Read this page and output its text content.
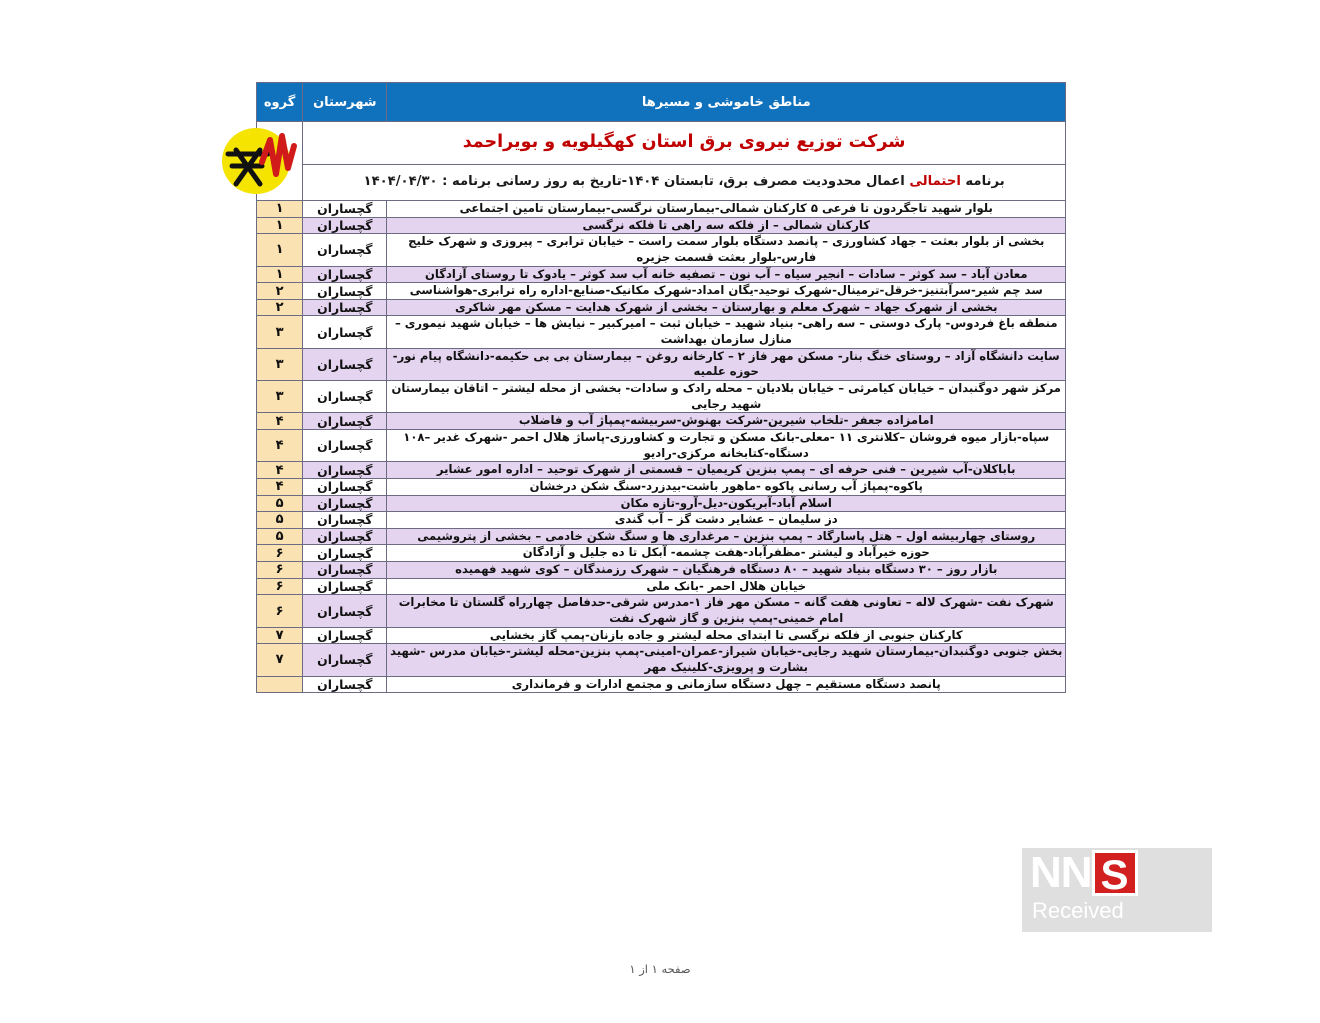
شرکت توزیع نیروی برق استان کهگیلویه و بویراحمد

برنامه احتمالی اعمال محدودیت مصرف برق، تابستان ۱۴۰۴-تاریخ به روز رسانی برنامه : ۱۴۰۴/۰۴/۳۰		

مناطق خاموشی و مسیرها	شهرستان	گروه
بلوار شهید تاجگردون تا فرعی ۵ کارکنان شمالی-بیمارستان نرگسی-بیمارستان تامین اجتماعی	گچساران	۱
کارکنان شمالی – از فلکه سه راهی تا فلکه نرگسی	گچساران	۱
بخشی از بلوار بعثت – جهاد کشاورزی – پانصد دستگاه بلوار سمت راست – خیابان ترابری – پیروزی و شهرک خلیج فارس-بلوار بعثت قسمت جزیره	گچساران	۱
معادن آباد – سد کوثر – سادات – انجیر سیاه – آب نون – تصفیه خانه آب سد کوثر – یادوک تا روستای آزادگان	گچساران	۱
سد چم شیر-سرآبتنیز-خرقل-ترمینال-شهرک توحید-یگان امداد-شهرک مکانیک-صنایع-اداره راه ترابری-هواشناسی	گچساران	۲
بخشی از شهرک جهاد – شهرک معلم و بهارستان – بخشی از شهرک هدایت – مسکن مهر شاکری	گچساران	۲
منطقه باغ فردوس- پارک دوستی – سه راهی- بنیاد شهید – خیابان ثبت – امیرکبیر – نیایش ها – خیابان شهید نیموری – منازل سازمان بهداشت	گچساران	۳
سایت دانشگاه آزاد – روستای خنگ بنار- مسکن مهر فاز ۲ – کارخانه روغن – بیمارستان بی بی حکیمه-دانشگاه پیام نور-حوزه علمیه	گچساران	۳
مرکز شهر دوگنبدان – خیابان کیامرثی – خیابان بلادیان – محله رادک و سادات- بخشی از محله لیشتر – اتاقان بیمارستان شهید رجایی	گچساران	۳
امامزاده جعفر -تلخاب شیرین-شرکت بهنوش-سربیشه-پمپاژ آب و فاضلاب	گچساران	۴
سپاه-بازار میوه فروشان –کلانتری ۱۱ -معلی-بانک مسکن و تجارت و کشاورزی-پاساژ هلال احمر -شهرک غدیر –۱۰۸ دستگاه-کتابخانه مرکزی-رادیو	گچساران	۴
باباکلان-آب شیرین – فنی حرفه ای – پمپ بنزین کریمیان – قسمتی از شهرک توحید – اداره امور عشایر	گچساران	۴
پاکوه-پمپاژ آب رسانی پاکوه -ماهور باشت-بیدزرد-سنگ شکن درخشان	گچساران	۴
اسلام آباد-آبریکون-دیل-آرو-تازه مکان	گچساران	۵
دز سلیمان – عشایر دشت گز – آب گندی	گچساران	۵
روستای چهاربیشه اول – هتل پاسارگاد – پمپ بنزین – مرغداری ها و سنگ شکن خادمی – بخشی از پتروشیمی	گچساران	۵
حوزه خیرآباد و لیشتر -مظفرآباد-هفت چشمه- آبکل تا ده جلیل و آزادگان	گچساران	۶
بازار روز – ۳۰ دستگاه بنیاد شهید – ۸۰ دستگاه فرهنگیان – شهرک رزمندگان – کوی شهید فهمیده	گچساران	۶
خیابان هلال احمر -بانک ملی	گچساران	۶
شهرک نفت -شهرک لاله – تعاونی هفت گانه – مسکن مهر فاز ۱-مدرس شرقی-حدفاصل چهارراه گلستان تا مخابرات امام خمینی-پمپ بنزین و گاز شهرک نفت	گچساران	۶
کارکنان جنوبی از فلکه نرگسی تا ابتدای محله لیشتر و جاده بازنان-پمپ گاز بخشایی	گچساران	۷
بخش جنوبی دوگنبدان-بیمارستان شهید رجایی-خیابان شیراز-عمران-امینی-پمپ بنزین-محله لیشتر-خیابان مدرس -شهید بشارت و پرویزی-کلینیک مهر	گچساران	۷
پانصد دستگاه مستقیم – چهل دستگاه سازمانی و مجتمع ادارات و فرمانداری	گچساران	
صفحه ۱ از ۱
S
NN
Received
